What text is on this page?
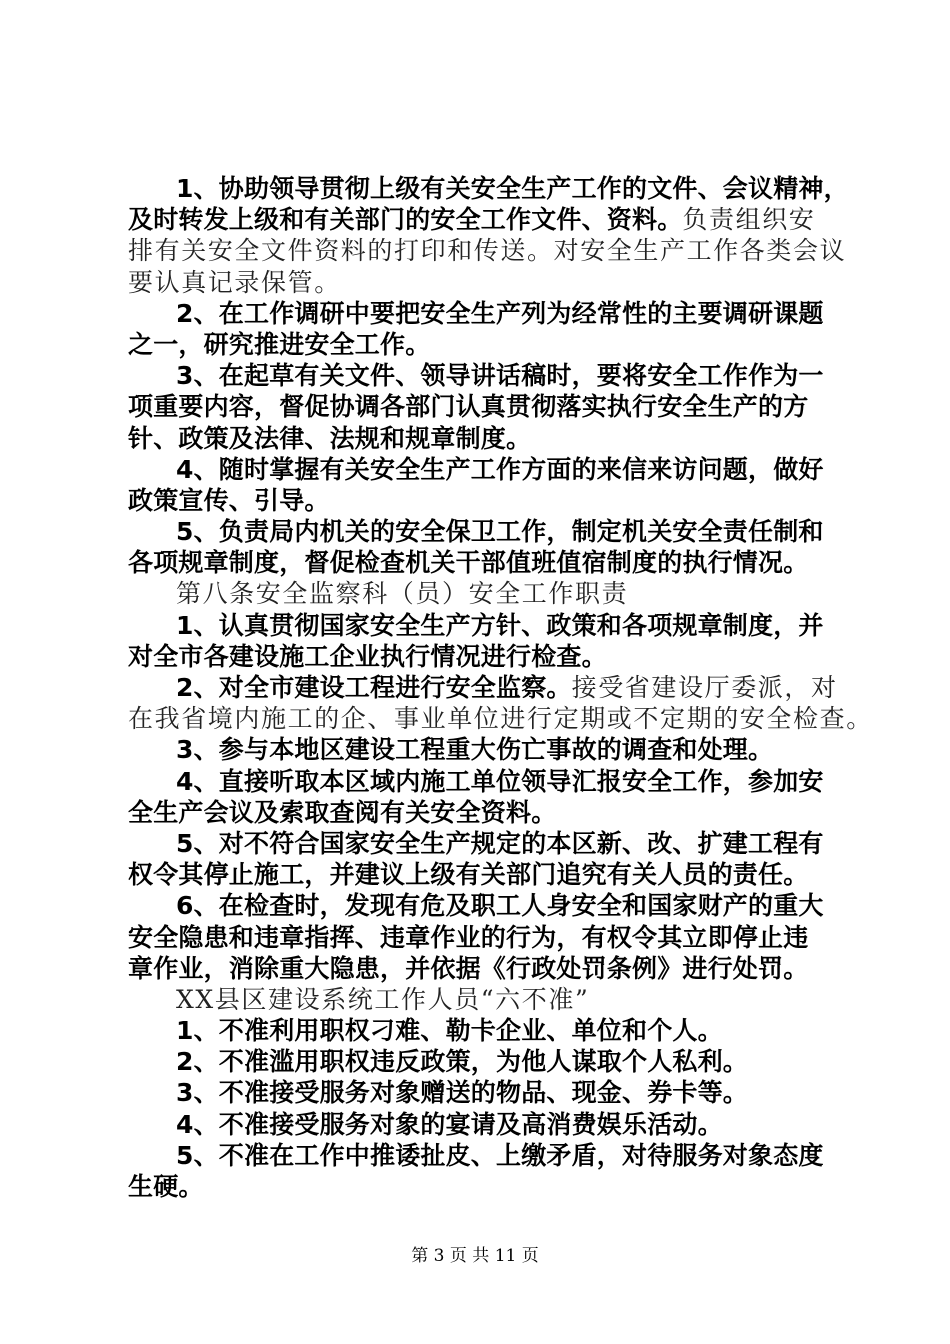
1、协助领导贯彻上级有关安全生产工作的文件、会议精神，
及时转发上级和有关部门的安全工作文件、资料。负责组织安
排有关安全文件资料的打印和传送。对安全生产工作各类会议
要认真记录保管。
2、在工作调研中要把安全生产列为经常性的主要调研课题
之一，研究推进安全工作。
3、在起草有关文件、领导讲话稿时，要将安全工作作为一
项重要内容，督促协调各部门认真贯彻落实执行安全生产的方
针、政策及法律、法规和规章制度。
4、随时掌握有关安全生产工作方面的来信来访问题，做好
政策宣传、引导。
5、负责局内机关的安全保卫工作，制定机关安全责任制和
各项规章制度，督促检查机关干部值班值宿制度的执行情况。
第八条安全监察科（员）安全工作职责
1、认真贯彻国家安全生产方针、政策和各项规章制度，并
对全市各建设施工企业执行情况进行检查。
2、对全市建设工程进行安全监察。接受省建设厅委派，对
在我省境内施工的企、事业单位进行定期或不定期的安全检查。
3、参与本地区建设工程重大伤亡事故的调查和处理。
4、直接听取本区域内施工单位领导汇报安全工作，参加安
全生产会议及索取查阅有关安全资料。
5、对不符合国家安全生产规定的本区新、改、扩建工程有
权令其停止施工，并建议上级有关部门追究有关人员的责任。
6、在检查时，发现有危及职工人身安全和国家财产的重大
安全隐患和违章指挥、违章作业的行为，有权令其立即停止违
章作业，消除重大隐患，并依据《行政处罚条例》进行处罚。
XX县区建设系统工作人员“六不准”
1、不准利用职权刁难、勒卡企业、单位和个人。
2、不准滥用职权违反政策，为他人谋取个人私利。
3、不准接受服务对象赠送的物品、现金、券卡等。
4、不准接受服务对象的宴请及高消费娱乐活动。
5、不准在工作中推诿扯皮、上缴矛盾，对待服务对象态度
生硬。
第 3 页 共 11 页
